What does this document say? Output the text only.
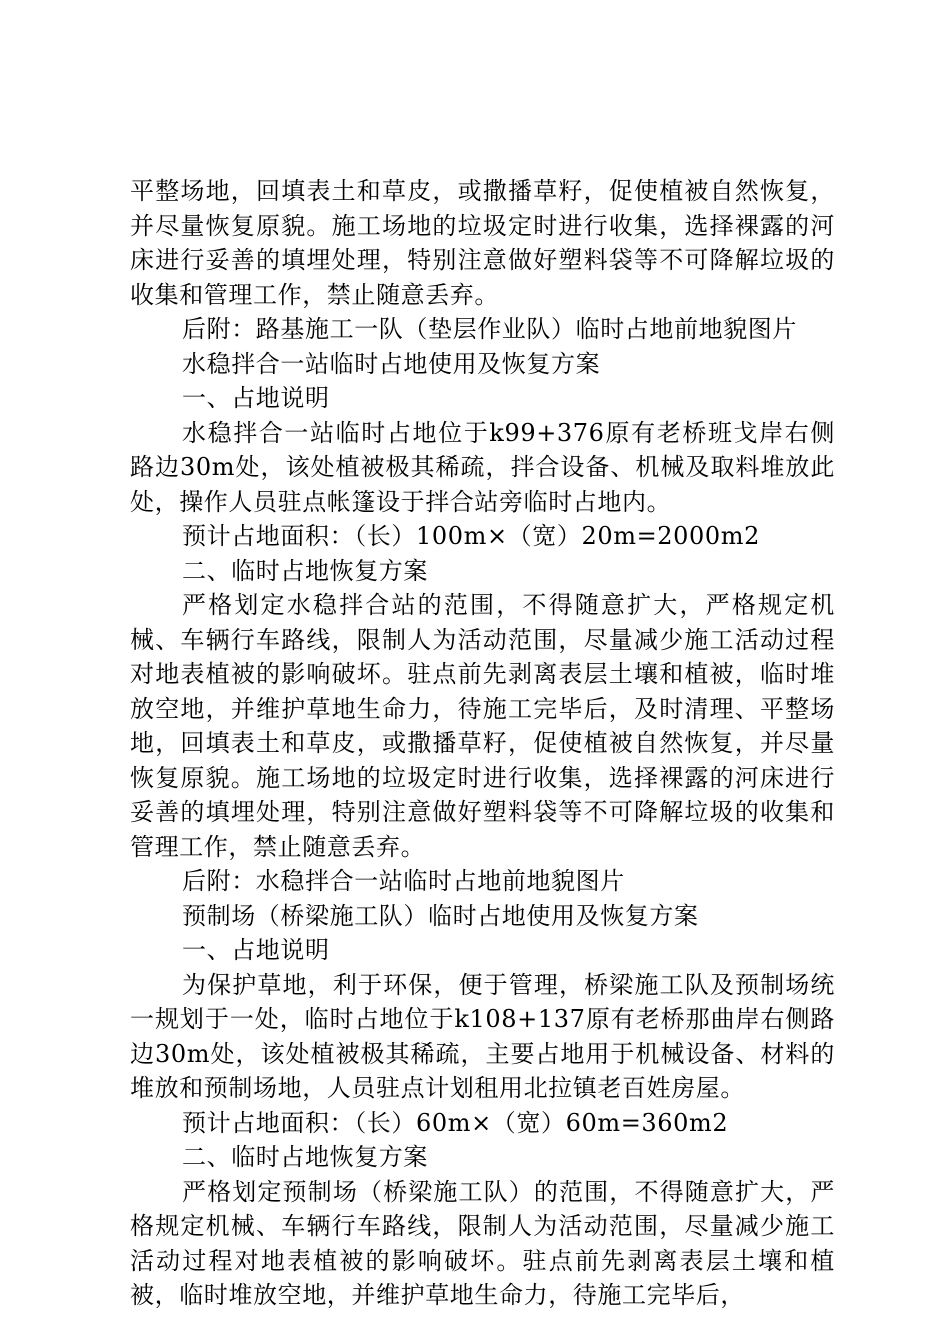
平整场地，回填表土和草皮，或撒播草籽，促使植被自然恢复，并尽量恢复原貌。施工场地的垃圾定时进行收集，选择裸露的河床进行妥善的填埋处理，特别注意做好塑料袋等不可降解垃圾的收集和管理工作，禁止随意丢弃。

后附：路基施工一队（垫层作业队）临时占地前地貌图片

水稳拌合一站临时占地使用及恢复方案

一、占地说明

水稳拌合一站临时占地位于k99+376原有老桥班戈岸右侧路边30m处，该处植被极其稀疏，拌合设备、机械及取料堆放此处，操作人员驻点帐篷设于拌合站旁临时占地内。

预计占地面积：（长）100m×（宽）20m=2000m2

二、临时占地恢复方案

严格划定水稳拌合站的范围，不得随意扩大，严格规定机械、车辆行车路线，限制人为活动范围，尽量减少施工活动过程对地表植被的影响破坏。驻点前先剥离表层土壤和植被，临时堆放空地，并维护草地生命力，待施工完毕后，及时清理、平整场地，回填表土和草皮，或撒播草籽，促使植被自然恢复，并尽量恢复原貌。施工场地的垃圾定时进行收集，选择裸露的河床进行妥善的填埋处理，特别注意做好塑料袋等不可降解垃圾的收集和管理工作，禁止随意丢弃。

后附：水稳拌合一站临时占地前地貌图片

预制场（桥梁施工队）临时占地使用及恢复方案

一、占地说明

为保护草地，利于环保，便于管理，桥梁施工队及预制场统一规划于一处，临时占地位于k108+137原有老桥那曲岸右侧路边30m处，该处植被极其稀疏，主要占地用于机械设备、材料的堆放和预制场地，人员驻点计划租用北拉镇老百姓房屋。

预计占地面积：（长）60m×（宽）60m=360m2

二、临时占地恢复方案

严格划定预制场（桥梁施工队）的范围，不得随意扩大，严格规定机械、车辆行车路线，限制人为活动范围，尽量减少施工活动过程对地表植被的影响破坏。驻点前先剥离表层土壤和植被，临时堆放空地，并维护草地生命力，待施工完毕后，
